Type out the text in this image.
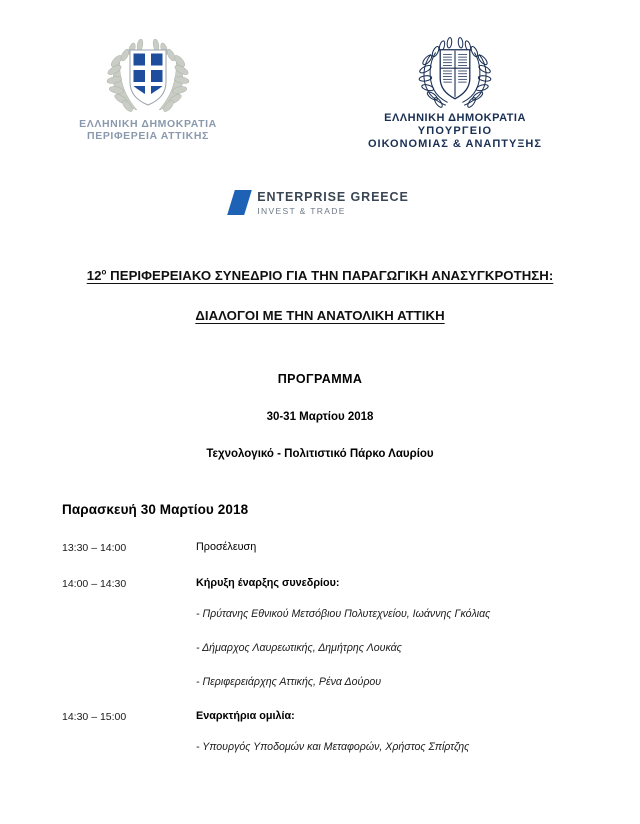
ΕΛΛΗΝΙΚΗ ΔΗΜΟΚΡΑΤΙΑ
ΠΕΡΙΦΕΡΕΙΑ ΑΤΤΙΚΗΣ
ΕΛΛΗΝΙΚΗ ΔΗΜΟΚΡΑΤΙΑ
ΥΠΟΥΡΓΕΙΟ
ΟΙΚΟΝΟΜΙΑΣ & ΑΝΑΠΤΥΞΗΣ
ENTERPRISE GREECE
INVEST & TRADE
$12^o$ ΠΕΡΙΦΕΡΕΙΑΚΟ ΣΥΝΕΔΡΙΟ ΓΙΑ ΤΗΝ ΠΑΡΑΓΩΓΙΚΗ ΑΝΑΣΥΓΚΡΟΤΗΣΗ:
ΔΙΑΛΟΓΟΙ ΜΕ ΤΗΝ ΑΝΑΤΟΛΙΚΗ ΑΤΤΙΚΗ
ΠΡΟΓΡΑΜΜΑ
30-31 Μαρτίου 2018
Τεχνολογικό - Πολιτιστικό Πάρκο Λαυρίου
Παρασκευή 30 Μαρτίου 2018
13:30 – 14:00	Προσέλευση
14:00 – 14:30	Κήρυξη έναρξης συνεδρίου:
- Πρύτανης Εθνικού Μετσόβιου Πολυτεχνείου, Ιωάννης Γκόλιας
- Δήμαρχος Λαυρεωτικής, Δημήτρης Λουκάς
- Περιφερειάρχης Αττικής, Ρένα Δούρου
14:30 – 15:00	Εναρκτήρια ομιλία:
- Υπουργός Υποδομών και Μεταφορών, Χρήστος Σπίρτζης
